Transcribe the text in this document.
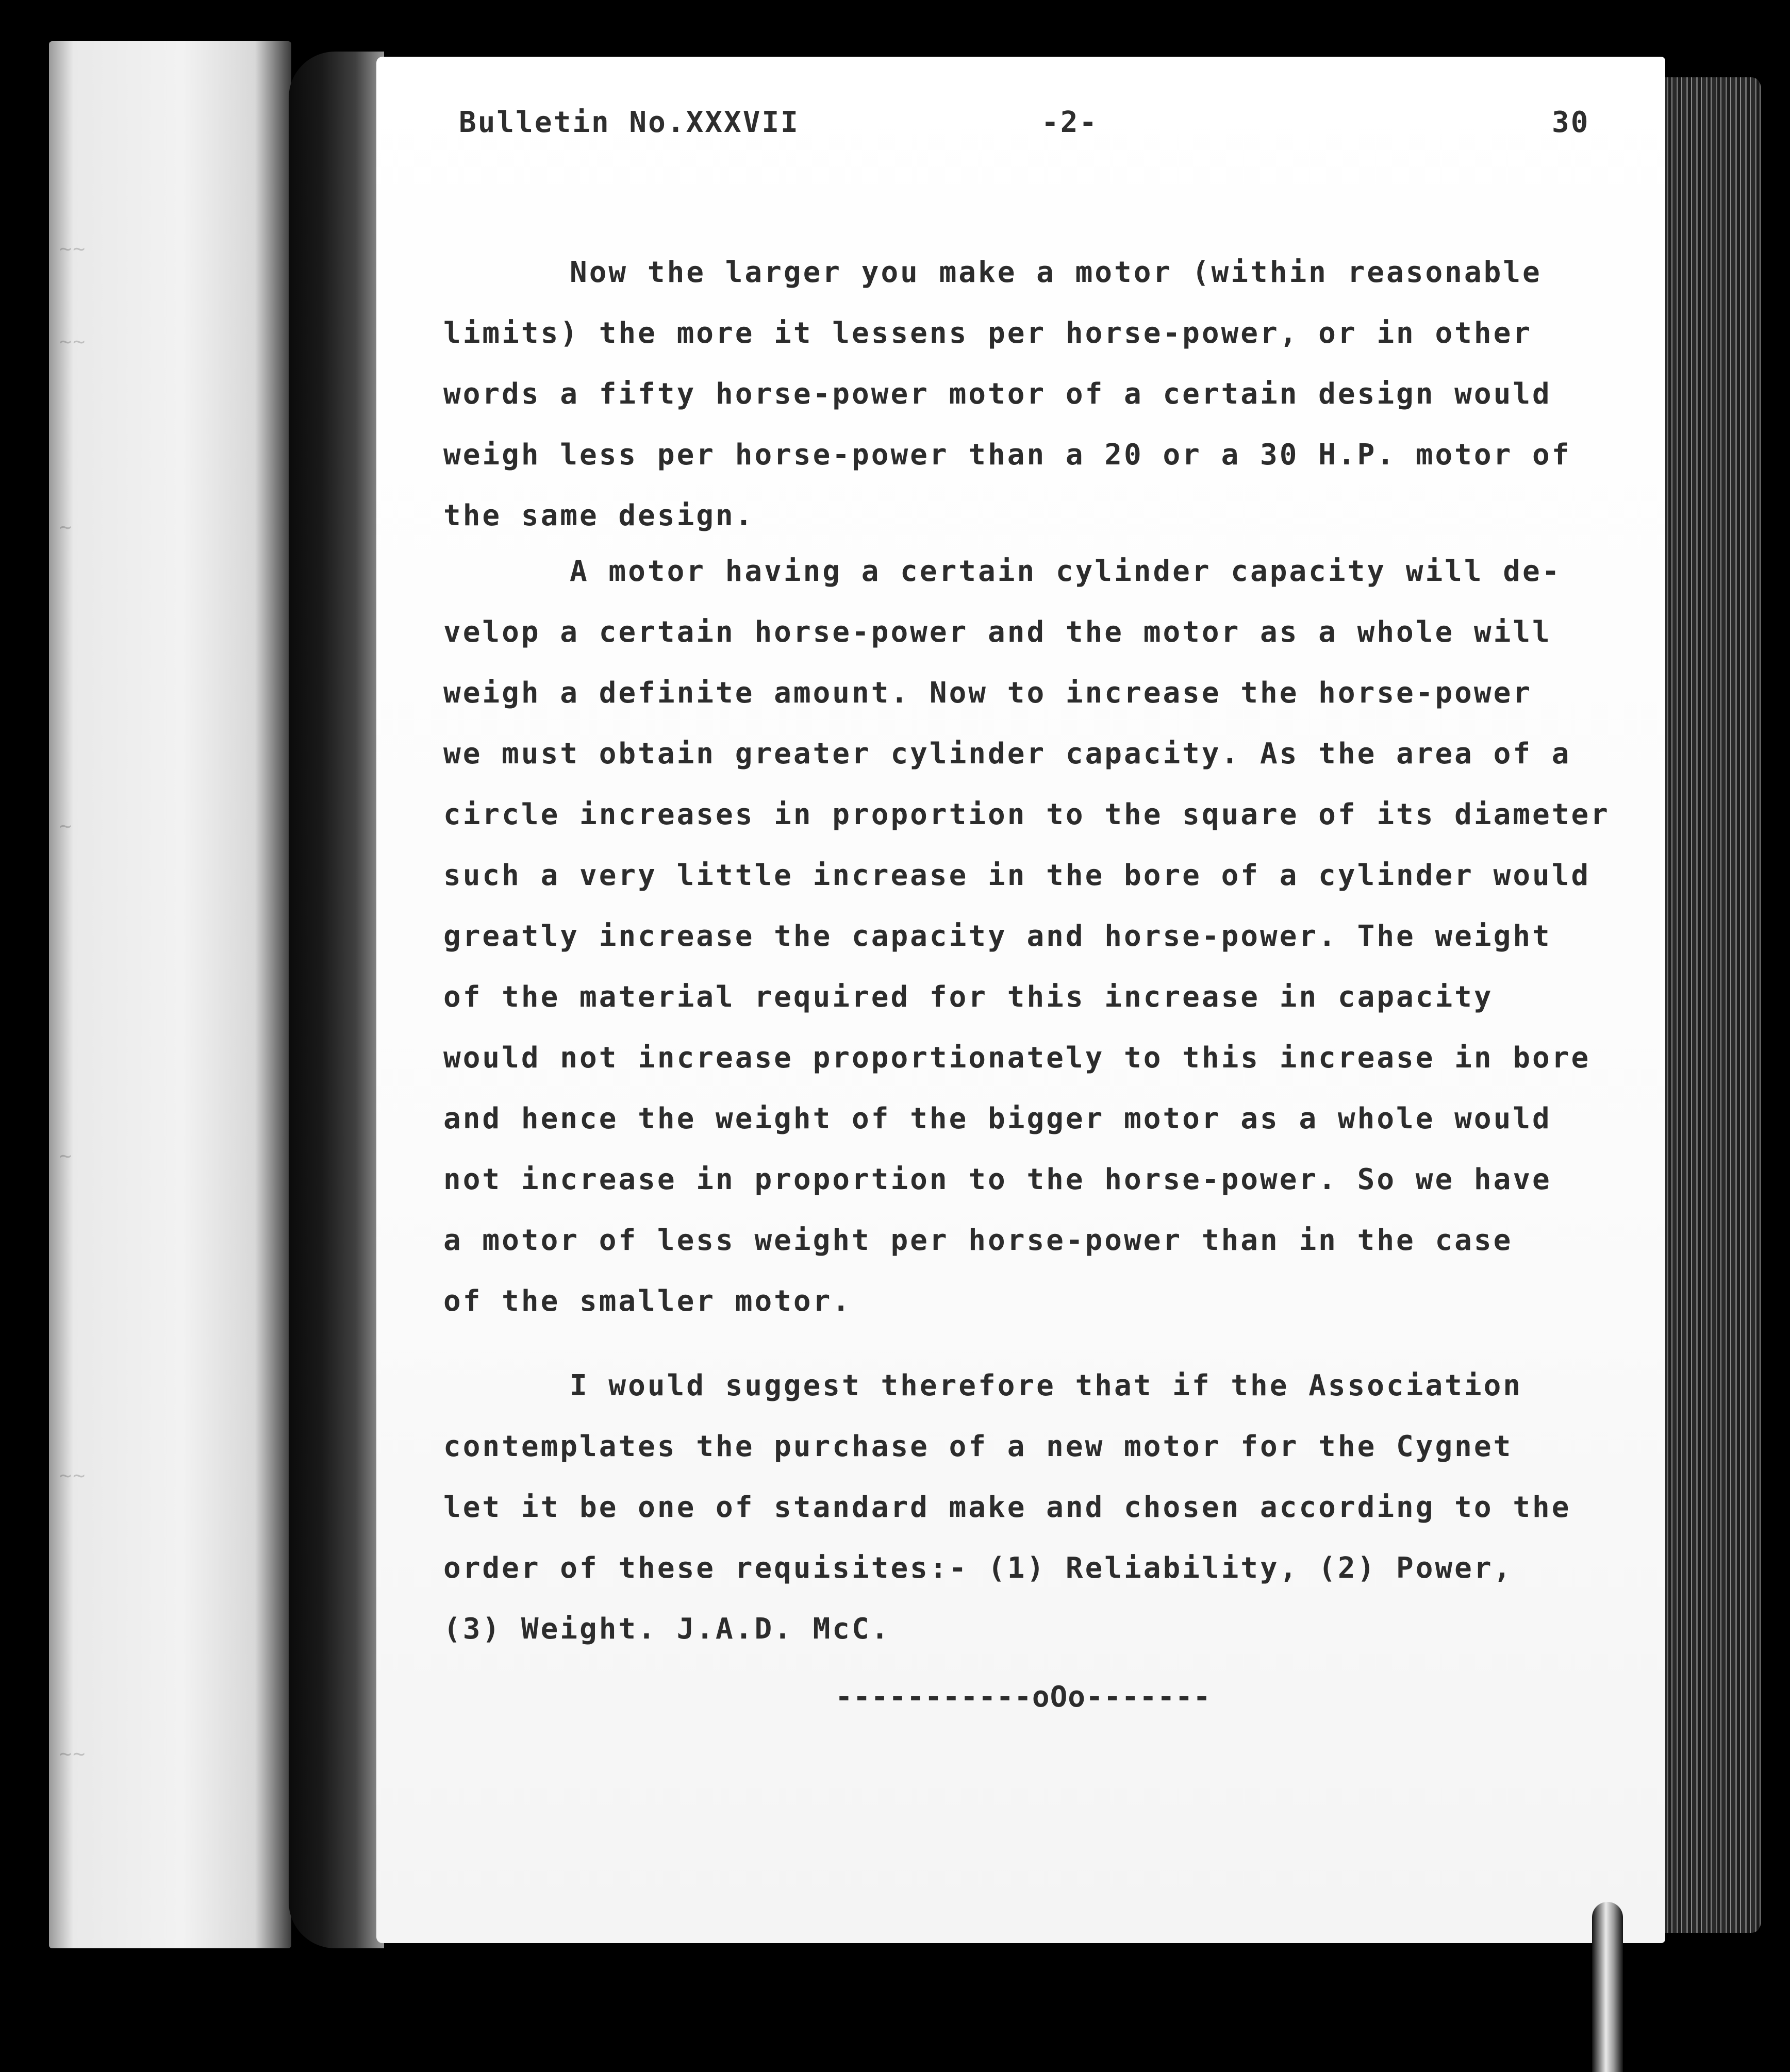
~~
~~
~
~
~
~~
~~
Bulletin No.XXXVII	-2-	30
Now the larger you make a motor (within reasonable
limits) the more it lessens per horse-power, or in other
words a fifty horse-power motor of a certain design would
weigh less per horse-power than a 20 or a 30 H.P. motor of
the same design.
A motor having a certain cylinder capacity will de-
velop a certain horse-power and the motor as a whole will
weigh a definite amount. Now to increase the horse-power
we must obtain greater cylinder capacity. As the area of a
circle increases in proportion to the square of its diameter
such a very little increase in the bore of a cylinder would
greatly increase the capacity and horse-power. The weight
of the material required for this increase in capacity
would not increase proportionately to this increase in bore
and hence the weight of the bigger motor as a whole would
not increase in proportion to the horse-power. So we have
a motor of less weight per horse-power than in the case
of the smaller motor.
I would suggest therefore that if the Association
contemplates the purchase of a new motor for the Cygnet
let it be one of standard make and chosen according to the
order of these requisites:- (1) Reliability, (2) Power,
(3) Weight. J.A.D. McC.
-----------oOo-------
